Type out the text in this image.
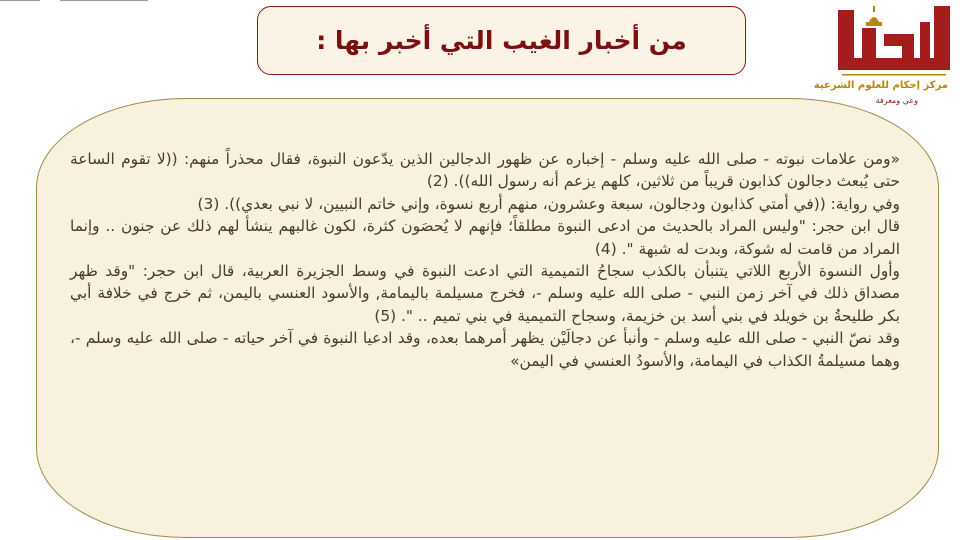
من أخبار الغيب التي أخبر بها :
مركز إحكام للعلوم الشرعية
وعي ومعرفة

«ومن علامات نبوته - صلى الله عليه وسلم - إخباره عن ظهور الدجالين الذين يدّعون النبوة، فقال محذراً منهم: ((لا تقوم الساعة حتى يُبعث دجالون كذابون قريباً من ثلاثين، كلهم يزعم أنه رسول الله)). (2)

وفي رواية: ((في أمتي كذابون ودجالون، سبعة وعشرون، منهم أربع نسوة، وإني خاتم النبيين، لا نبي بعدي)). (3)

قال ابن حجر: "وليس المراد بالحديث من ادعى النبوة مطلقاً؛ فإنهم لا يُحصَون كثرة، لكون غالبهم ينشأ لهم ذلك عن جنون .. وإنما المراد من قامت له شوكة، وبدت له شبهة ". (4)

وأول النسوة الأربع اللاتي يتنبأن بالكذب سجاحُ التميمية التي ادعت النبوة في وسط الجزيرة العربية، قال ابن حجر: "وقد ظهر مصداق ذلك في آخر زمن النبي - صلى الله عليه وسلم -، فخرج مسيلمة باليمامة, والأسود العنسي باليمن، ثم خرج في خلافة أبي بكر طليحةُ بن خويلد في بني أسد بن خزيمة، وسجاح التميمية في بني تميم .. ". (5)

وقد نصّ النبي - صلى الله عليه وسلم - وأنبأ عن دجالَيْن يظهر أمرهما بعده، وقد ادعيا النبوة في آخر حياته - صلى الله عليه وسلم -، وهما مسيلمةُ الكذاب في اليمامة، والأسودُ العنسي في اليمن»
